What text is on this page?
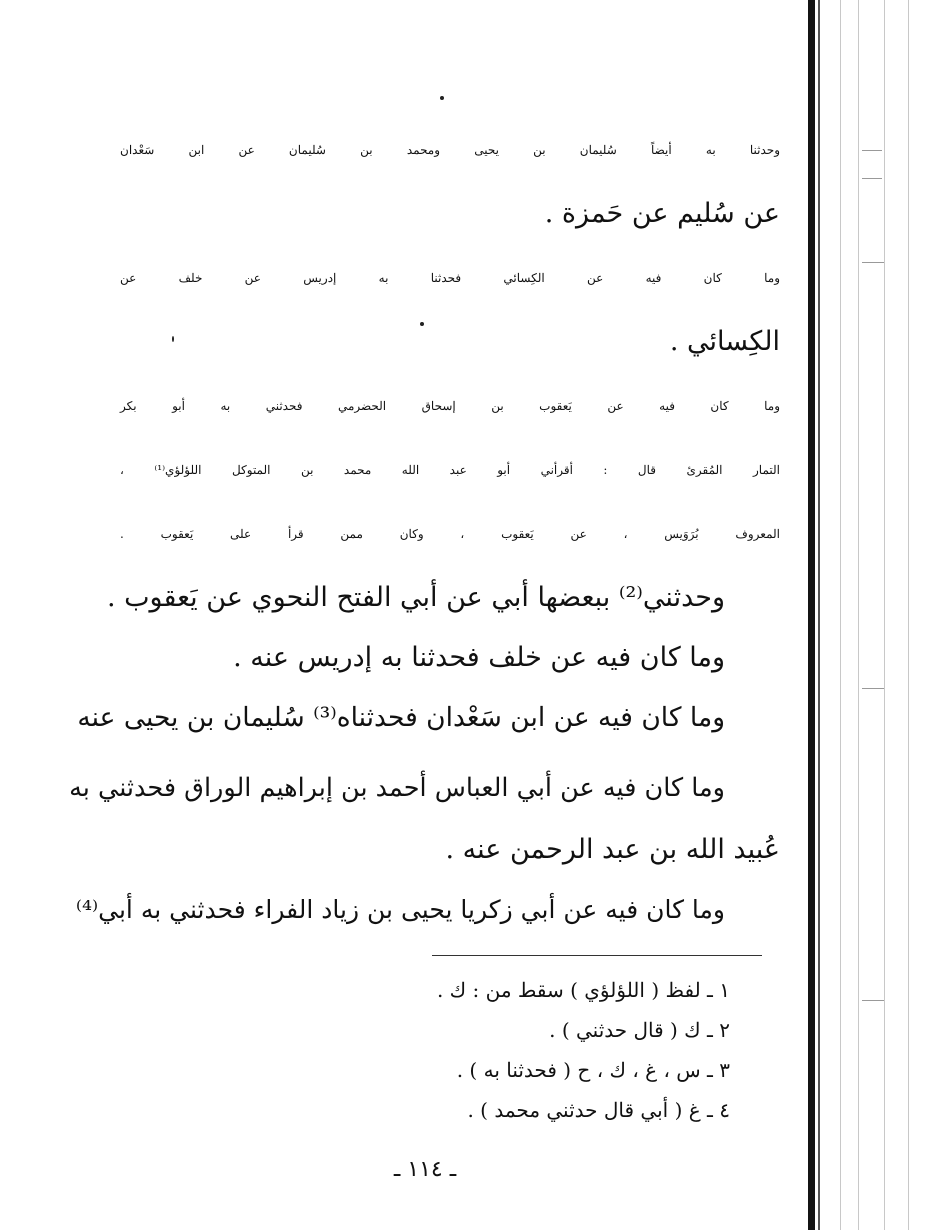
وحدثنا به أيضاً سُليمان بن يحيى ومحمد بن سُليمان عن ابن سَعْدان
عن سُليم عن حَمزة .
وما كان فيه عن الكِسائي فحدثنا به إدريس عن خلف عن
الكِسائي .
وما كان فيه عن يَعقوب بن إسحاق الحضرمي فحدثني به أبو بكر
التمار المُقرئ قال : أقرأني أبو عبد الله محمد بن المتوكل اللؤلؤي⁽¹⁾ ،
المعروف بُرَوَيس ، عن يَعقوب ، وكان ممن قرأ على يَعقوب .
وحدثني⁽²⁾ ببعضها أبي عن أبي الفتح النحوي عن يَعقوب .
وما كان فيه عن خلف فحدثنا به إدريس عنه .
وما كان فيه عن ابن سَعْدان فحدثناه⁽³⁾ سُليمان بن يحيى عنه
وما كان فيه عن أبي العباس أحمد بن إبراهيم الوراق فحدثني به
عُبيد الله بن عبد الرحمن عنه .
وما كان فيه عن أبي زكريا يحيى بن زياد الفراء فحدثني به أبي⁽⁴⁾
١ ـ لفظ ( اللؤلؤي ) سقط من : ك .
٢ ـ ك ( قال حدثني ) .
٣ ـ س ، غ ، ك ، ح ( فحدثنا به ) .
٤ ـ غ ( أبي قال حدثني محمد ) .
ـ ١١٤ ـ
